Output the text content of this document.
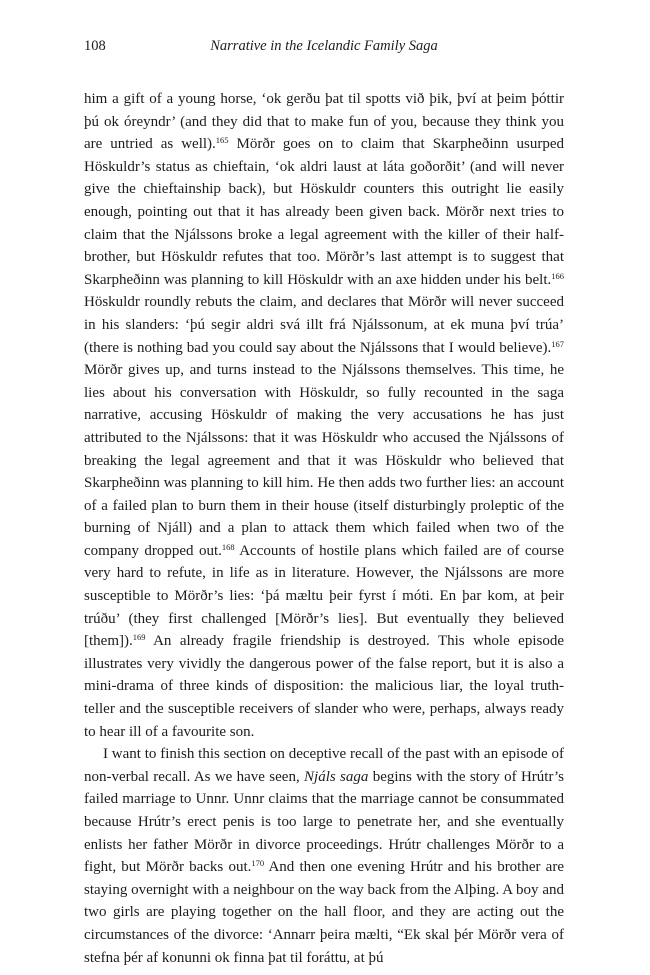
108	Narrative in the Icelandic Family Saga

him a gift of a young horse, ‘ok gerðu þat til spotts við þik, því at þeim þóttir þú ok óreyndr’ (and they did that to make fun of you, because they think you are untried as well).$^{165}$ Mörðr goes on to claim that Skarpheðinn usurped Höskuldr’s status as chieftain, ‘ok aldri laust at láta goðorðit’ (and will never give the chieftainship back), but Höskuldr counters this outright lie easily enough, pointing out that it has already been given back. Mörðr next tries to claim that the Njálssons broke a legal agreement with the killer of their half-brother, but Höskuldr refutes that too. Mörðr’s last attempt is to suggest that Skarpheðinn was planning to kill Höskuldr with an axe hidden under his belt.$^{166}$ Höskuldr roundly rebuts the claim, and declares that Mörðr will never succeed in his slanders: ‘þú segir aldri svá illt frá Njálssonum, at ek muna því trúa’ (there is nothing bad you could say about the Njálssons that I would believe).$^{167}$ Mörðr gives up, and turns instead to the Njálssons themselves. This time, he lies about his conversation with Höskuldr, so fully recounted in the saga narrative, accusing Höskuldr of making the very accusations he has just attributed to the Njálssons: that it was Höskuldr who accused the Njálssons of breaking the legal agreement and that it was Höskuldr who believed that Skarpheðinn was planning to kill him. He then adds two further lies: an account of a failed plan to burn them in their house (itself disturbingly proleptic of the burning of Njáll) and a plan to attack them which failed when two of the company dropped out.$^{168}$ Accounts of hostile plans which failed are of course very hard to refute, in life as in literature. However, the Njálssons are more susceptible to Mörðr’s lies: ‘þá mæltu þeir fyrst í móti. En þar kom, at þeir trúðu’ (they first challenged [Mörðr’s lies]. But eventually they believed [them]).$^{169}$ An already fragile friendship is destroyed. This whole episode illustrates very vividly the dangerous power of the false report, but it is also a mini-drama of three kinds of disposition: the malicious liar, the loyal truth-teller and the susceptible receivers of slander who were, perhaps, always ready to hear ill of a favourite son.

I want to finish this section on deceptive recall of the past with an episode of non-verbal recall. As we have seen, Njáls saga begins with the story of Hrútr’s failed marriage to Unnr. Unnr claims that the marriage cannot be consummated because Hrútr’s erect penis is too large to penetrate her, and she eventually enlists her father Mörðr in divorce proceedings. Hrútr challenges Mörðr to a fight, but Mörðr backs out.$^{170}$ And then one evening Hrútr and his brother are staying overnight with a neighbour on the way back from the Alþing. A boy and two girls are playing together on the hall floor, and they are acting out the circumstances of the divorce: ‘Annarr þeira mælti, “Ek skal þér Mörðr vera of stefna þér af konunni ok finna þat til foráttu, at þú
